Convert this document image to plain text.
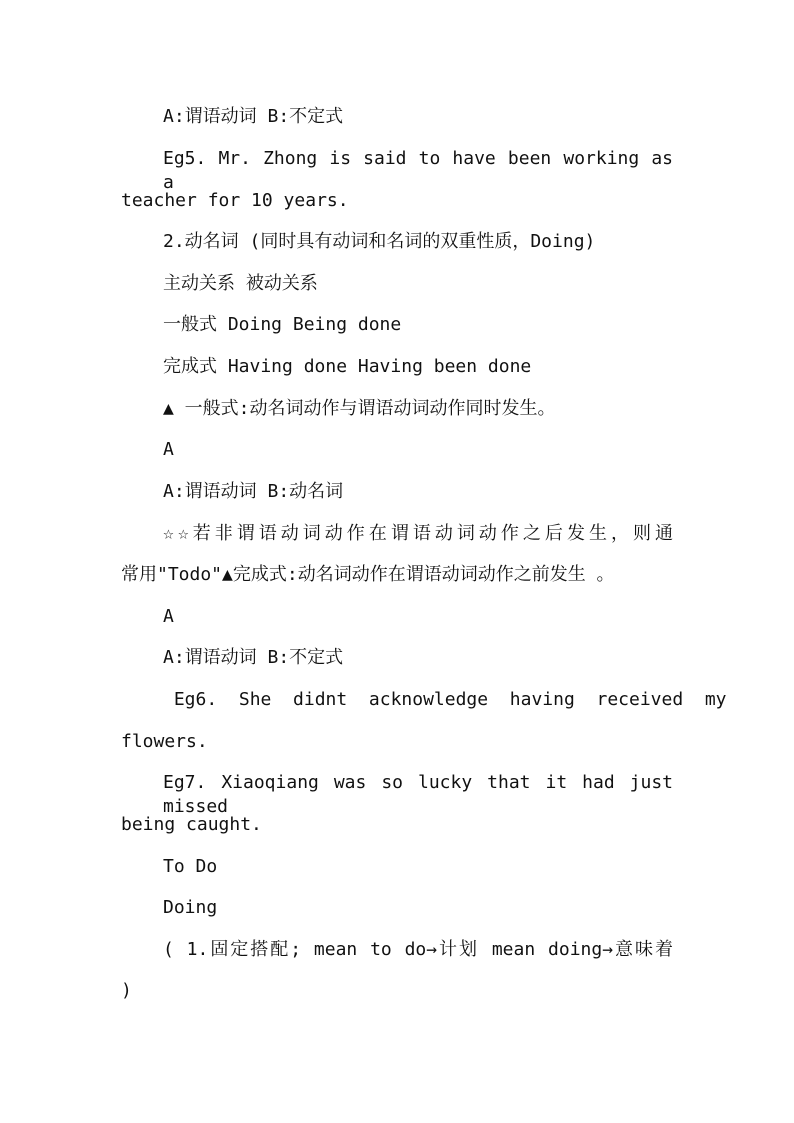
A:谓语动词 B:不定式
Eg5. Mr. Zhong is said to have been working as a
teacher for 10 years.
2.动名词 (同时具有动词和名词的双重性质，Doing)
主动关系 被动关系
一般式 Doing Being done
完成式 Having done Having been done
▲ 一般式:动名词动作与谓语动词动作同时发生。
A
A:谓语动词 B:动名词
☆☆若非谓语动词动作在谓语动词动作之后发生，则通
常用"Todo"▲完成式:动名词动作在谓语动词动作之前发生 。
A
A:谓语动词 B:不定式
Eg6.  She  didnt  acknowledge  having  received  my
flowers.
Eg7. Xiaoqiang was so lucky that it had just missed
being caught.
To Do
Doing
( 1.固定搭配; mean to do→计划 mean doing→意味着
)
